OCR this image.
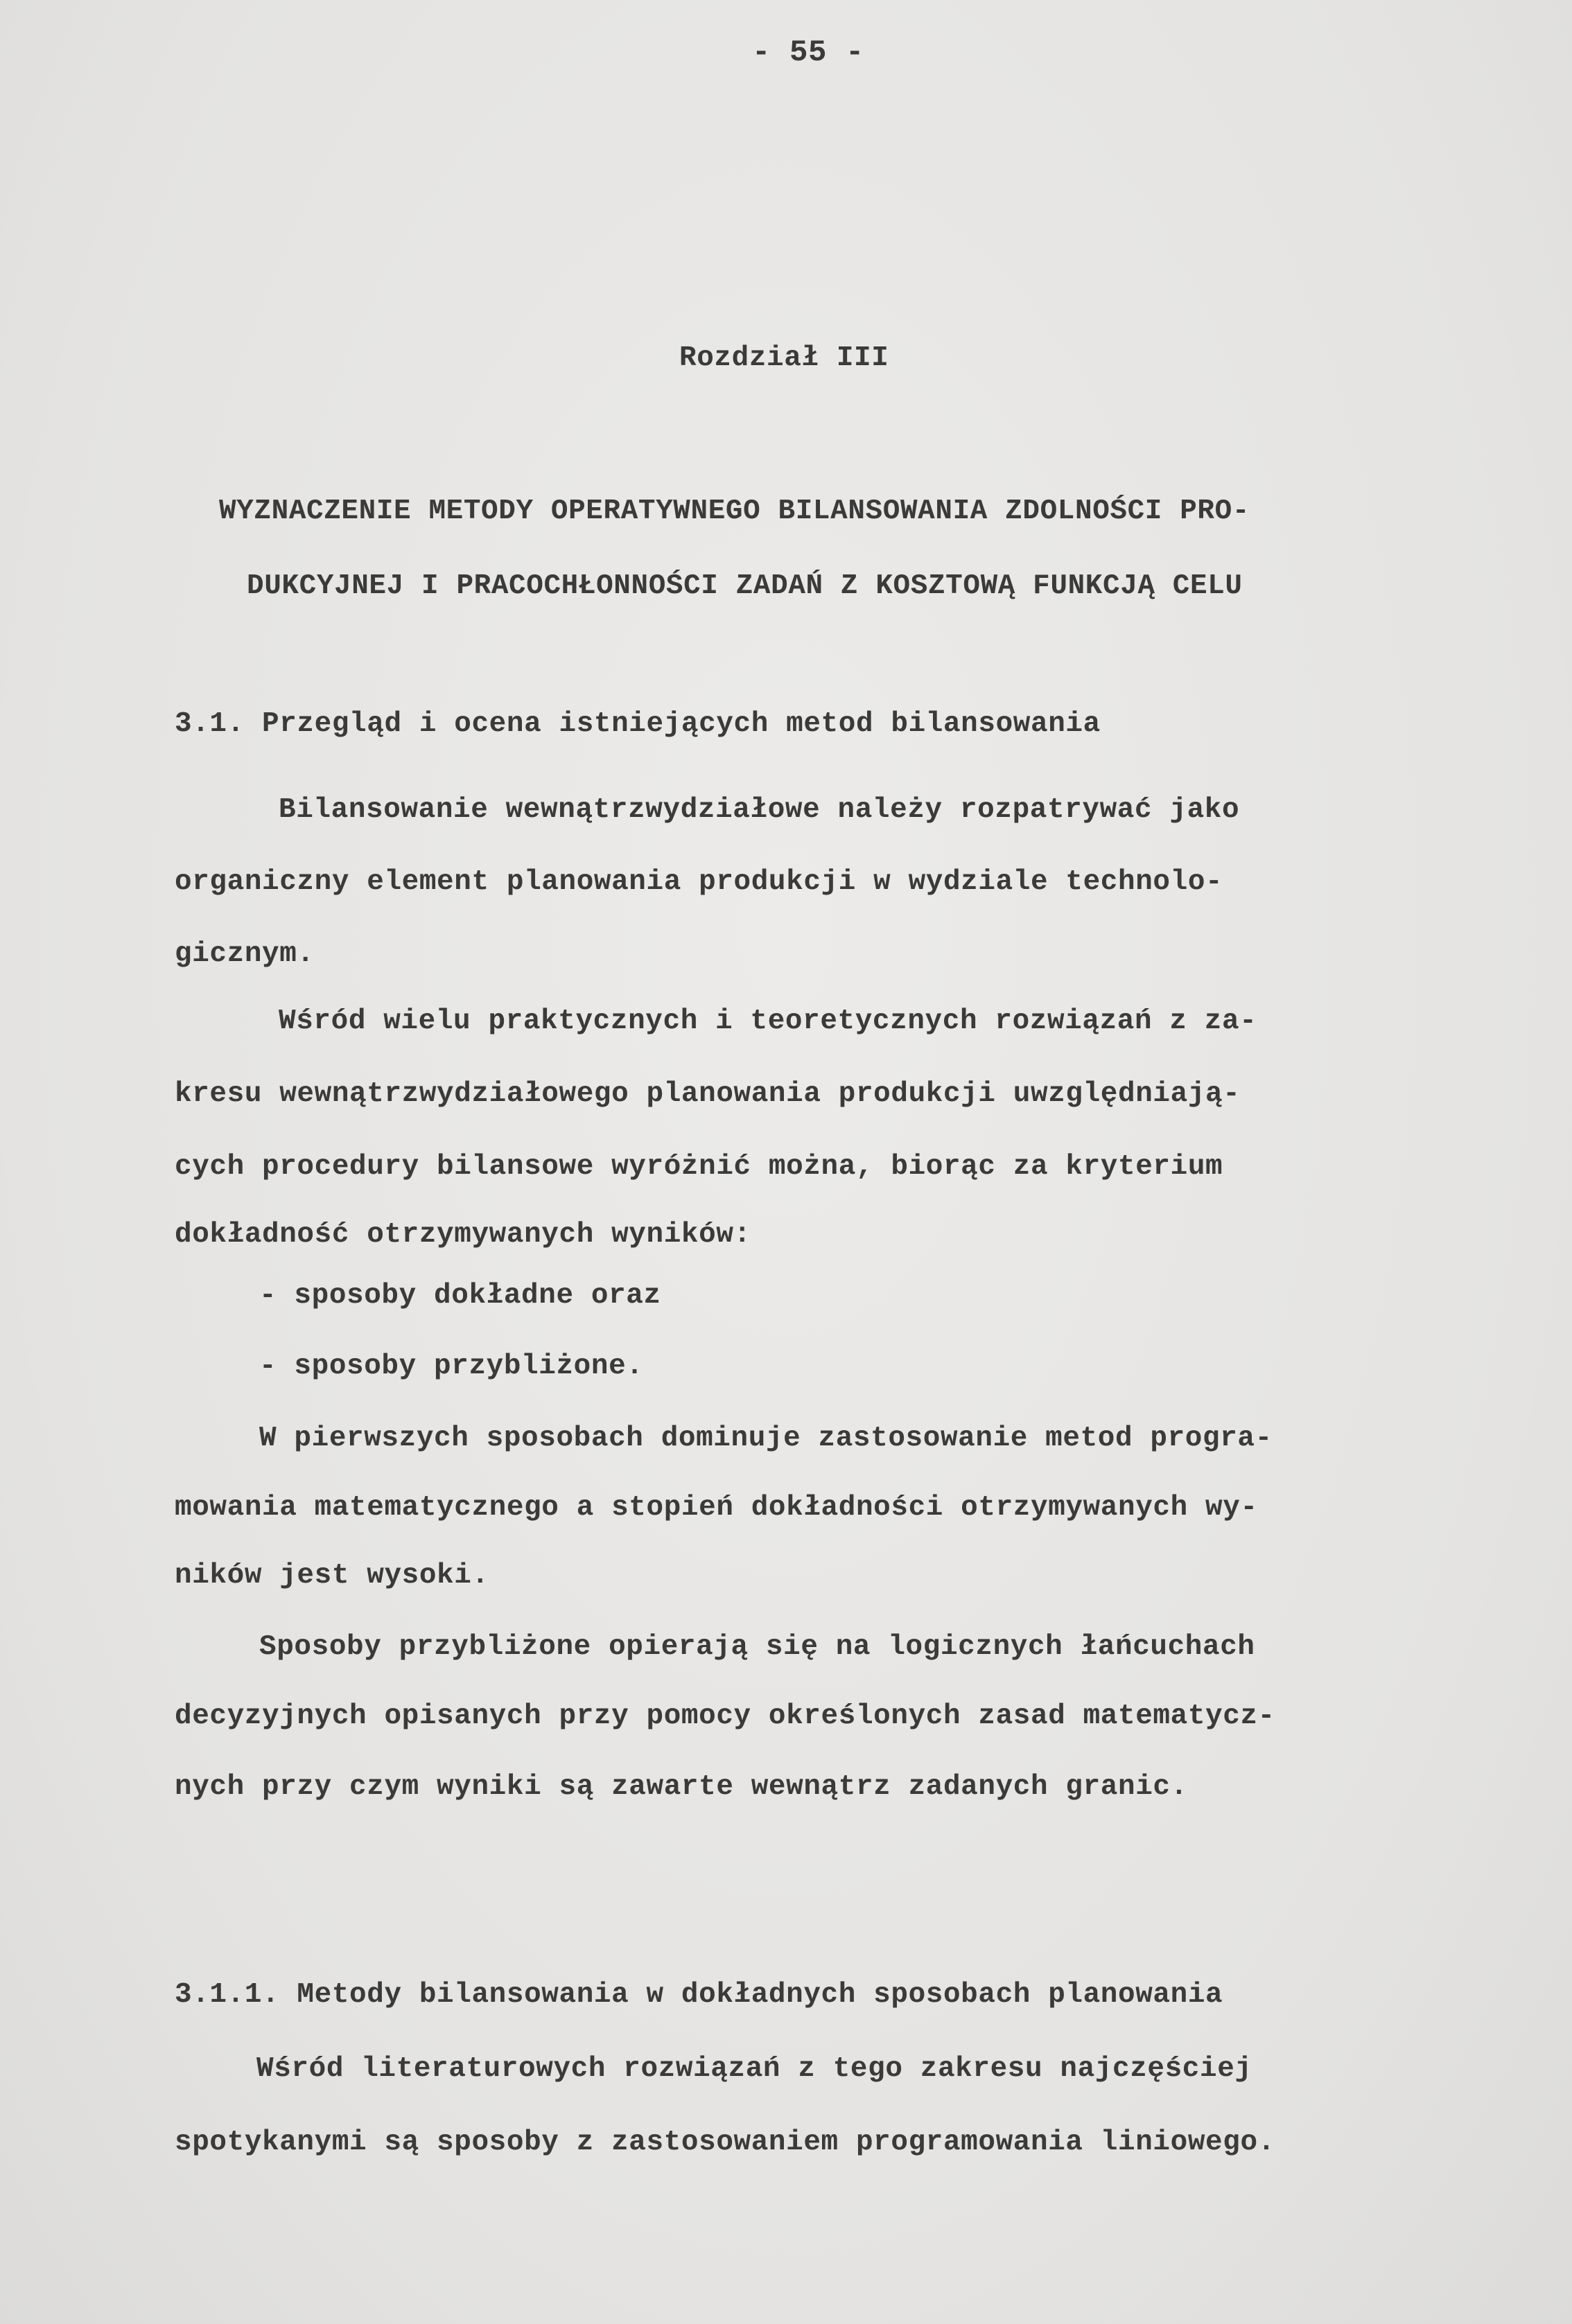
- 55 -
Rozdział III
WYZNACZENIE METODY OPERATYWNEGO BILANSOWANIA ZDOLNOŚCI PRO-
DUKCYJNEJ I PRACOCHŁONNOŚCI ZADAŃ Z KOSZTOWĄ FUNKCJĄ CELU
3.1. Przegląd i ocena istniejących metod bilansowania
Bilansowanie wewnątrzwydziałowe należy rozpatrywać jako
organiczny element planowania produkcji w wydziale technolo-
gicznym.
Wśród wielu praktycznych i teoretycznych rozwiązań z za-
kresu wewnątrzwydziałowego planowania produkcji uwzględniają-
cych procedury bilansowe wyróżnić można, biorąc za kryterium
dokładność otrzymywanych wyników:
- sposoby dokładne oraz
- sposoby przybliżone.
W pierwszych sposobach dominuje zastosowanie metod progra-
mowania matematycznego a stopień dokładności otrzymywanych wy-
ników jest wysoki.
Sposoby przybliżone opierają się na logicznych łańcuchach
decyzyjnych opisanych przy pomocy określonych zasad matematycz-
nych przy czym wyniki są zawarte wewnątrz zadanych granic.
3.1.1. Metody bilansowania w dokładnych sposobach planowania
Wśród literaturowych rozwiązań z tego zakresu najczęściej
spotykanymi są sposoby z zastosowaniem programowania liniowego.
